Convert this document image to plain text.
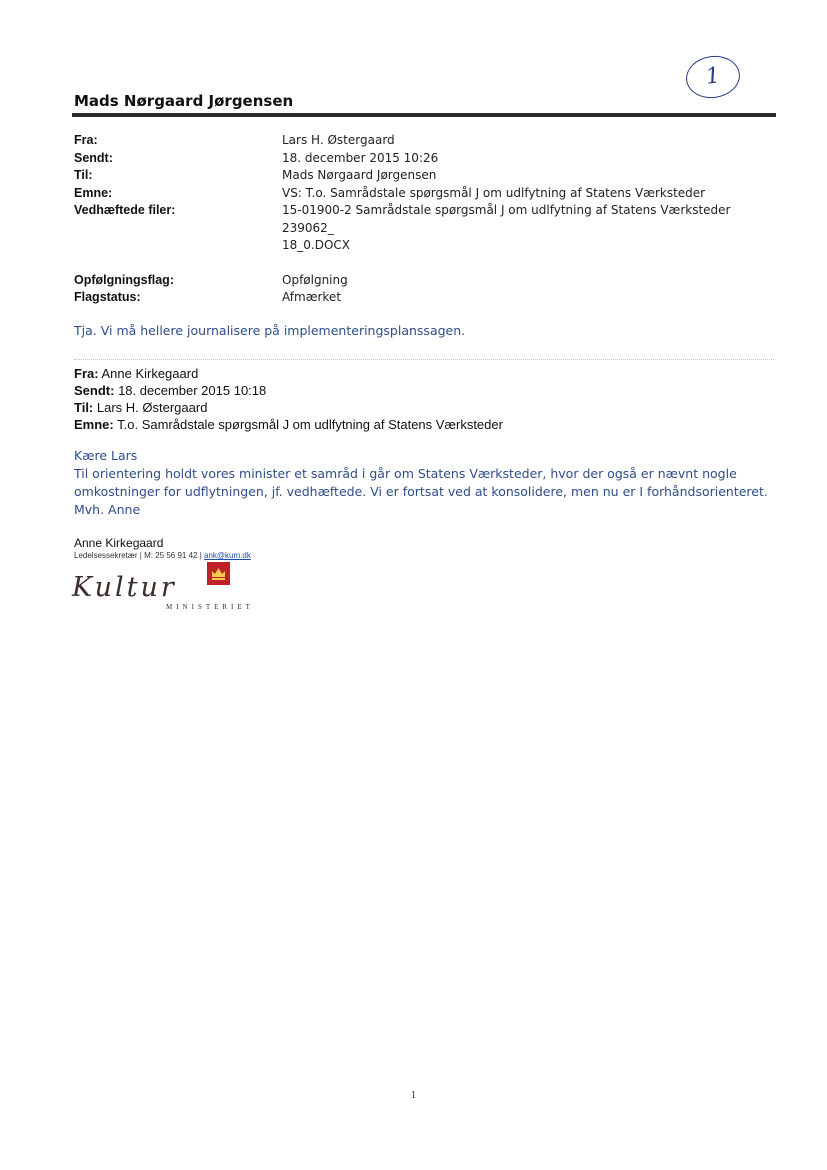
1
Mads Nørgaard Jørgensen
Fra:	Lars H. Østergaard
Sendt:	18. december 2015 10:26
Til:	Mads Nørgaard Jørgensen
Emne:	VS: T.o. Samrådstale spørgsmål J om udlfytning af Statens Værksteder
Vedhæftede filer:	15-01900-2 Samrådstale spørgsmål J om udlfytning af Statens Værksteder 239062_
18_0.DOCX
Opfølgningsflag:	Opfølgning
Flagstatus:	Afmærket
Tja. Vi må hellere journalisere på implementeringsplanssagen.
Fra: Anne Kirkegaard
Sendt: 18. december 2015 10:18
Til: Lars H. Østergaard
Emne: T.o. Samrådstale spørgsmål J om udlfytning af Statens Værksteder

Kære Lars

Til orientering holdt vores minister et samråd i går om Statens Værksteder, hvor der også er nævnt nogle

omkostninger for udflytningen, jf. vedhæftede. Vi er fortsat ved at konsolidere, men nu er I forhåndsorienteret.

Mvh. Anne

Anne Kirkegaard
Ledelsessekretær | M: 25 56 91 42 | ank@kum.dk
Kultur
MINISTERIET
1
